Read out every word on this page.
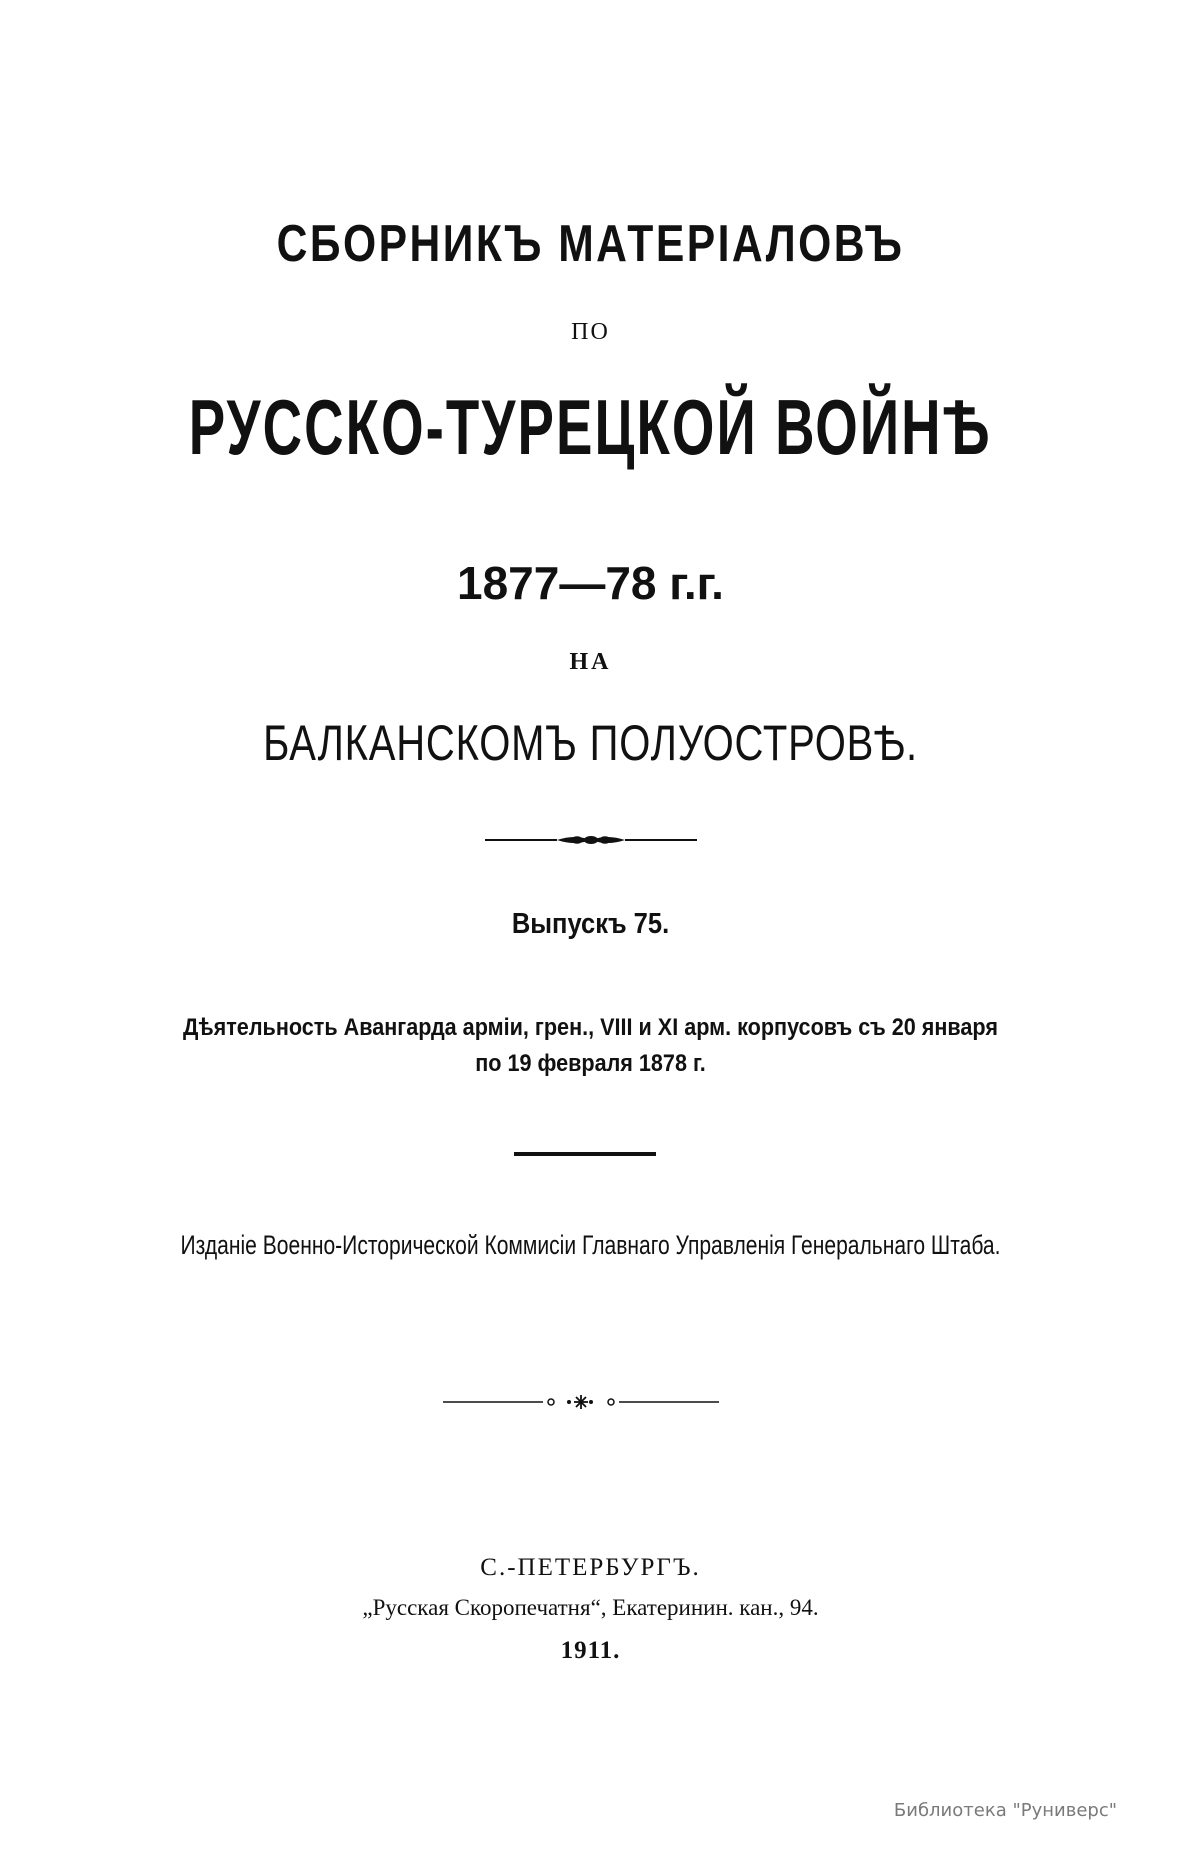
СБОРНИКЪ МАТЕРІАЛОВЪ
ПО
РУССКО-ТУРЕЦКОЙ ВОЙНѢ
1877—78 г.г.
НА
БАЛКАНСКОМЪ ПОЛУОСТРОВѢ.
Выпускъ 75.
Дѣятельность Авангарда арміи, грен., VIII и XI арм. корпусовъ съ 20 января
по 19 февраля 1878 г.
Изданіе Военно-Исторической Коммисіи Главнаго Управленія Генеральнаго Штаба.
С.-ПЕТЕРБУРГЪ.
„Русская Скоропечатня“, Екатеринин. кан., 94.
1911.
Библиотека "Руниверс"
